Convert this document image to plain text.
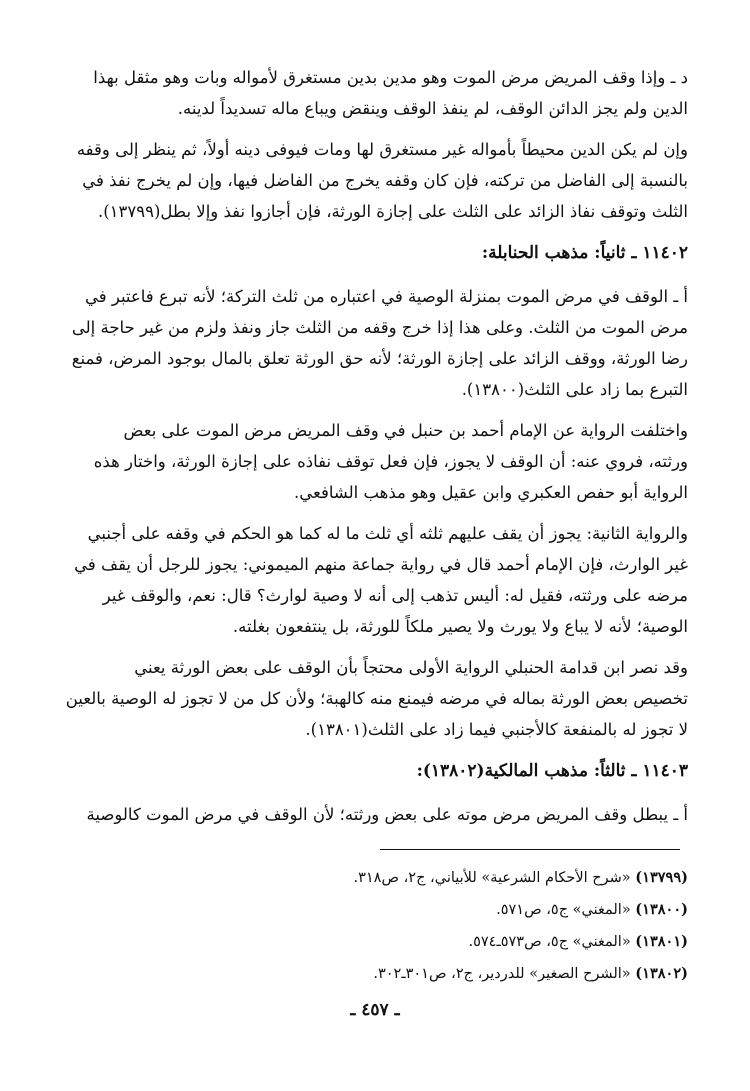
د ـ وإذا وقف المريض مرض الموت وهو مدين بدين مستغرق لأمواله وبات وهو مثقل بهذا
الدين ولم يجز الدائن الوقف، لم ينفذ الوقف وينقض ويباع ماله تسديداً لدينه.
وإن لم يكن الدين محيطاً بأمواله غير مستغرق لها ومات فيوفى دينه أولاً، ثم ينظر إلى وقفه
بالنسبة إلى الفاضل من تركته، فإن كان وقفه يخرج من الفاضل فيها، وإن لم يخرج نفذ في
الثلث وتوقف نفاذ الزائد على الثلث على إجازة الورثة، فإن أجازوا نفذ وإلا بطل(١٣٧٩٩).
١١٤٠٢ ـ ثانياً: مذهب الحنابلة:
أ ـ الوقف في مرض الموت بمنزلة الوصية في اعتباره من ثلث التركة؛ لأنه تبرع فاعتبر في
مرض الموت من الثلث. وعلى هذا إذا خرج وقفه من الثلث جاز ونفذ ولزم من غير حاجة إلى
رضا الورثة، ووقف الزائد على إجازة الورثة؛ لأنه حق الورثة تعلق بالمال بوجود المرض، فمنع
التبرع بما زاد على الثلث(١٣٨٠٠).
واختلفت الرواية عن الإمام أحمد بن حنبل في وقف المريض مرض الموت على بعض
ورثته، فروي عنه: أن الوقف لا يجوز، فإن فعل توقف نفاذه على إجازة الورثة، واختار هذه
الرواية أبو حفص العكبري وابن عقيل وهو مذهب الشافعي.
والرواية الثانية: يجوز أن يقف عليهم ثلثه أي ثلث ما له كما هو الحكم في وقفه على أجنبي
غير الوارث، فإن الإمام أحمد قال في رواية جماعة منهم الميموني: يجوز للرجل أن يقف في
مرضه على ورثته، فقيل له: أليس تذهب إلى أنه لا وصية لوارث؟ قال: نعم، والوقف غير
الوصية؛ لأنه لا يباع ولا يورث ولا يصير ملكاً للورثة، بل ينتفعون بغلته.
وقد نصر ابن قدامة الحنبلي الرواية الأولى محتجاً بأن الوقف على بعض الورثة يعني
تخصيص بعض الورثة بماله في مرضه فيمنع منه كالهبة؛ ولأن كل من لا تجوز له الوصية بالعين
لا تجوز له بالمنفعة كالأجنبي فيما زاد على الثلث(١٣٨٠١).
١١٤٠٣ ـ ثالثاً: مذهب المالكية(١٣٨٠٢):
أ ـ يبطل وقف المريض مرض موته على بعض ورثته؛ لأن الوقف في مرض الموت كالوصية
(١٣٧٩٩) «شرح الأحكام الشرعية» للأبياني، ج٢، ص٣١٨.
(١٣٨٠٠) «المغني» ج٥، ص٥٧١.
(١٣٨٠١) «المغني» ج٥، ص٥٧٣ـ٥٧٤.
(١٣٨٠٢) «الشرح الصغير» للدردير، ج٢، ص٣٠١ـ٣٠٢.
ـ ٤٥٧ ـ
